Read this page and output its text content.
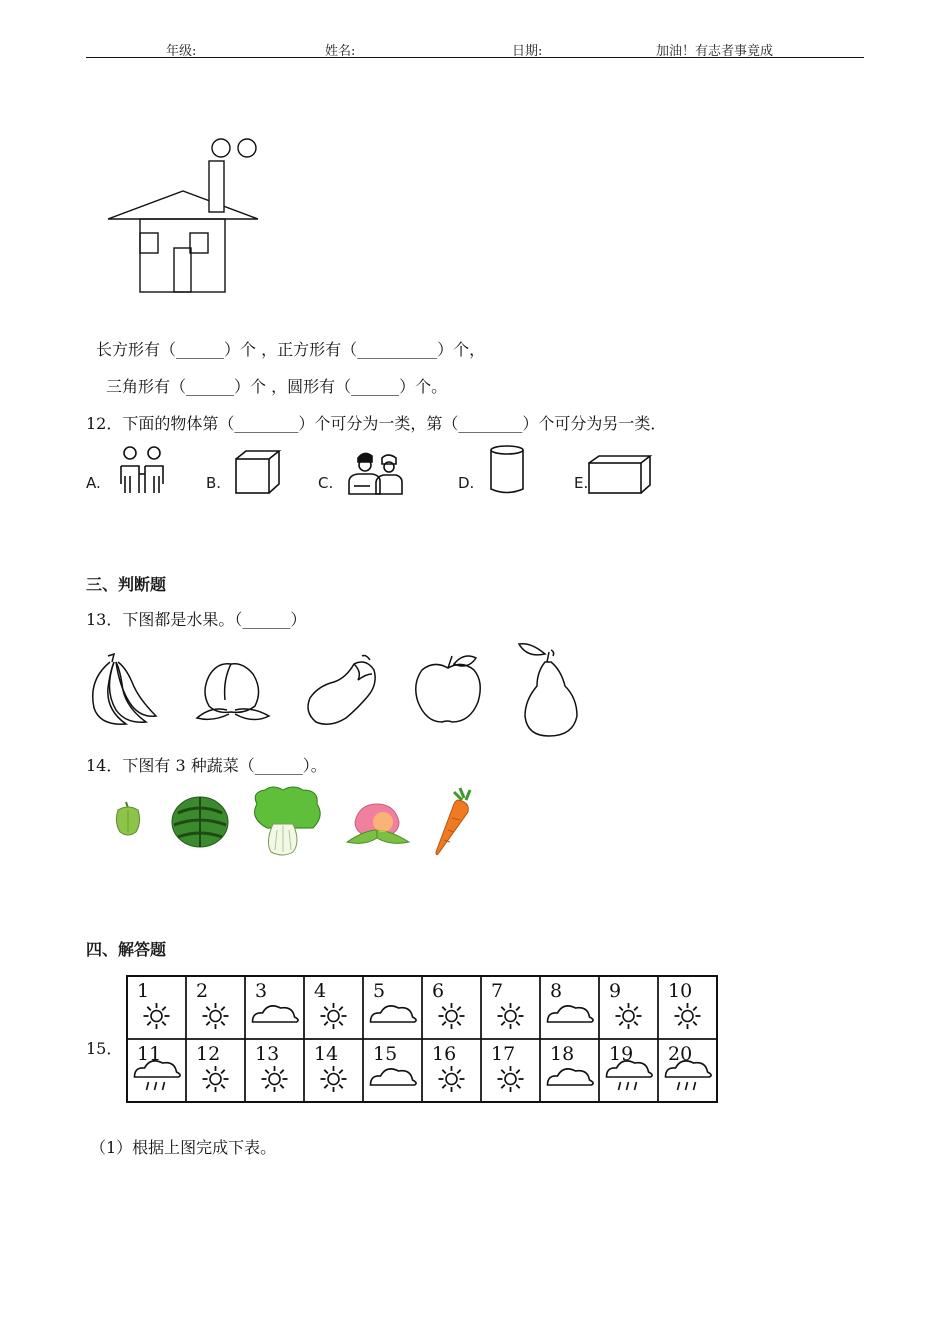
年级:	姓名:	日期:	加油！有志者事竟成
长方形有（______）个 ，正方形有（__________）个，
三角形有（______）个 ，圆形有（______）个。
12．下面的物体第（________）个可分为一类，第（________）个可分为另一类．
A.	B.	C.	D.	E.
三、判断题
13．下图都是水果。（______）
14．下图有 3 种蔬菜（______）。
四、解答题
15．
1 2 3 4 5 6 7 8 9 10
11 12 13 14 15 16 17 18 19 20
（1）根据上图完成下表。
